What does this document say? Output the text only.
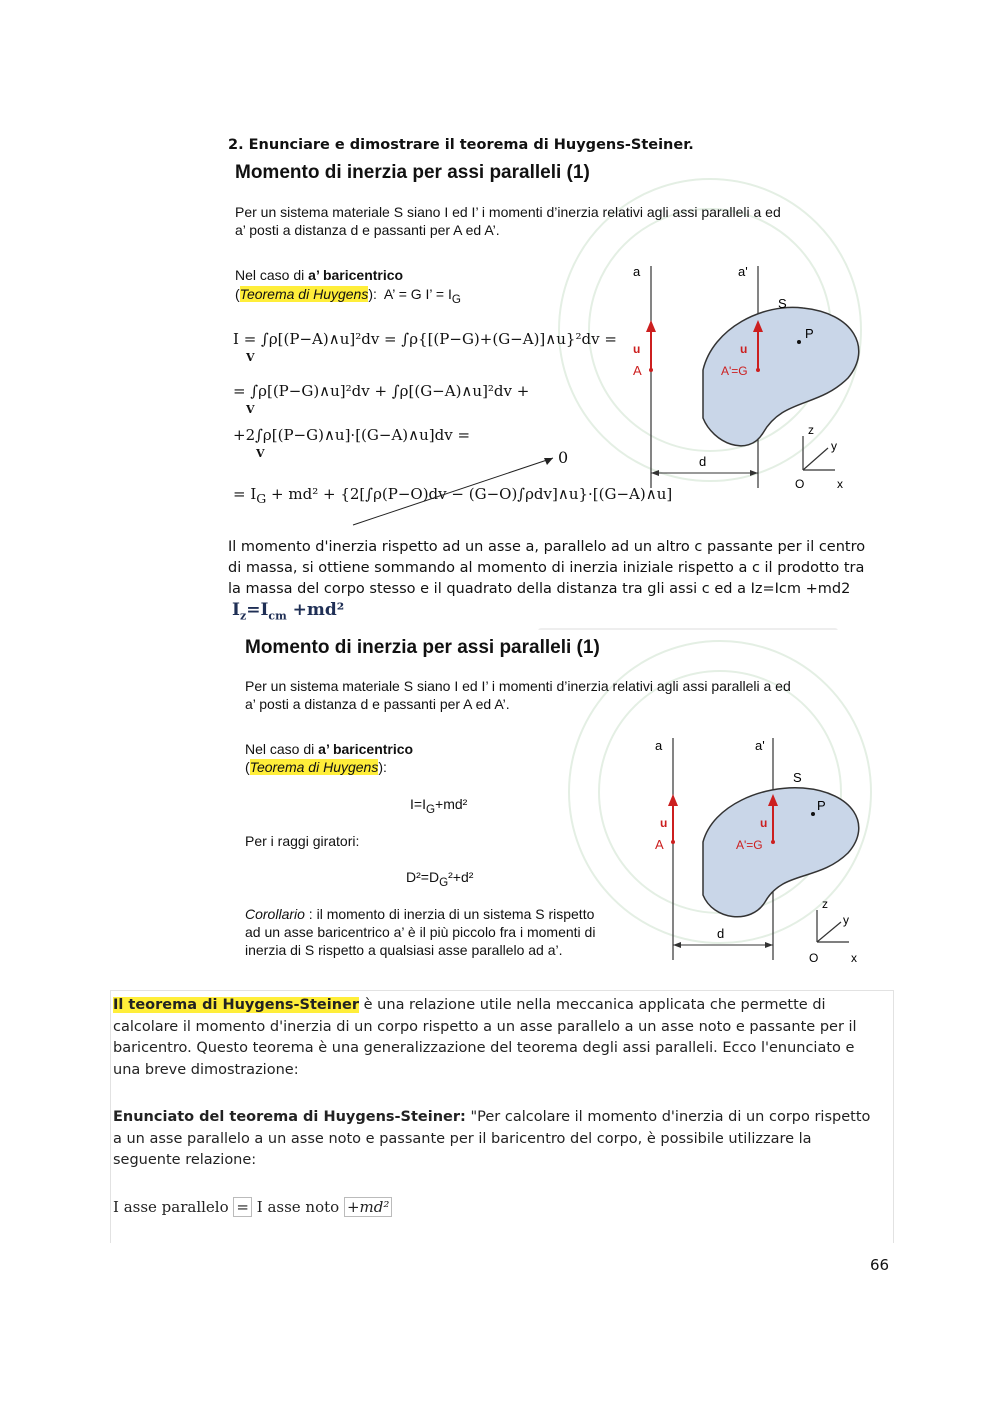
2. Enunciare e dimostrare il teorema di Huygens-Steiner.
Momento di inerzia per assi paralleli (1)
Per un sistema materiale S siano I ed I’ i momenti d’inerzia relativi agli assi paralleli a ed
a’ posti a distanza d e passanti per A ed A’.
Nel caso di a’ baricentrico
(Teorema di Huygens): A’ = G I’ = $I_G$
I = ∫ρ[(P−A)∧u]²dv = ∫ρ{[(P−G)+(G−A)]∧u}²dv =
V
= ∫ρ[(P−G)∧u]²dv + ∫ρ[(G−A)∧u]²dv +
V
+2∫ρ[(P−G)∧u]·[(G−A)∧u]dv =
V	0
= $I_G + md^2 + \{2[\int\rho(P-O)dv$ − (G−O)∫ρdv]∧u}·[(G−A)∧u]
a	a'
S
P
u	u
A	A'=G
d
z
y
O	x
Il momento d'inerzia rispetto ad un asse a, parallelo ad un altro c passante per il centro di massa, si ottiene sommando al momento di inerzia iniziale rispetto a c il prodotto tra la massa del corpo stesso e il quadrato della distanza tra gli assi c ed a Iz=Icm +md2
$I_z=I_{cm} +md^2$
Momento di inerzia per assi paralleli (1)
Per un sistema materiale S siano I ed I’ i momenti d’inerzia relativi agli assi paralleli a ed
a’ posti a distanza d e passanti per A ed A’.
Nel caso di a’ baricentrico
(Teorema di Huygens):
$I=I_G+md^2$
Per i raggi giratori:
$D^2=D_G^2+d^2$
Corollario : il momento di inerzia di un sistema S rispetto
ad un asse baricentrico a’ è il più piccolo fra i momenti di
inerzia di S rispetto a qualsiasi asse parallelo ad a’.
a	a'
S
P
u	u
A	A'=G
d
z
y
O	x
Il teorema di Huygens-Steiner è una relazione utile nella meccanica applicata che permette di calcolare il momento d'inerzia di un corpo rispetto a un asse parallelo a un asse noto e passante per il baricentro. Questo teorema è una generalizzazione del teorema degli assi paralleli. Ecco l'enunciato e una breve dimostrazione:
Enunciato del teorema di Huygens-Steiner: "Per calcolare il momento d'inerzia di un corpo rispetto a un asse parallelo a un asse noto e passante per il baricentro del corpo, è possibile utilizzare la seguente relazione:
I asse parallelo = I asse noto +md²
66
